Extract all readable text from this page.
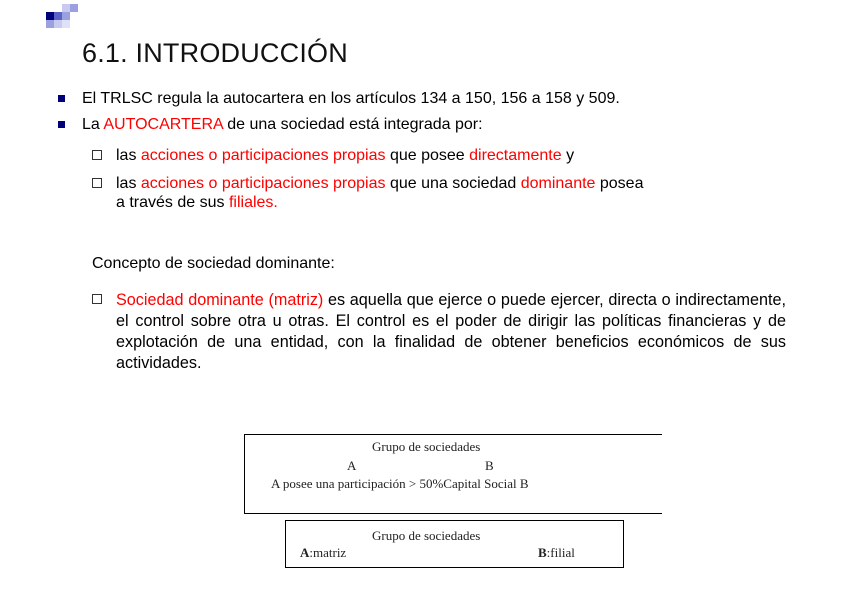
6.1. INTRODUCCIÓN
El TRLSC regula la autocartera en los artículos 134 a 150, 156 a 158 y 509.
La AUTOCARTERA de una sociedad está integrada por:
las acciones o participaciones propias que posee directamente y
las acciones o participaciones propias que una sociedad dominante posea
a través de sus filiales.
Concepto de sociedad dominante:
Sociedad dominante (matriz) es aquella que ejerce o puede ejercer, directa o indirectamente, el control sobre otra u otras. El control es el poder de dirigir las políticas financieras y de explotación de una entidad, con la finalidad de obtener beneficios económicos de sus actividades.
Grupo de sociedades
A	B
A posee una participación > 50%Capital Social B
Grupo de sociedades
A:matriz	B:filial
